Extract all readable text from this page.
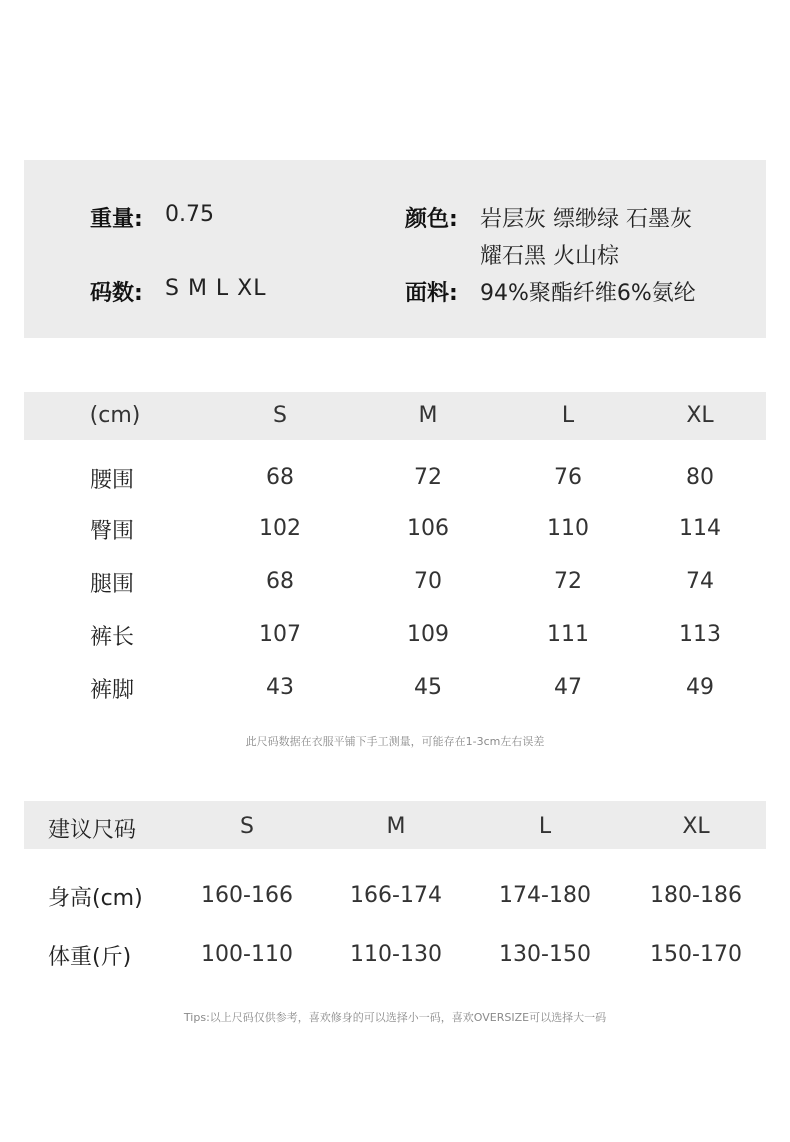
重量: 0.75
码数: S M L XL
颜色: 岩层灰 缥缈绿 石墨灰
耀石黑 火山棕
面料: 94%聚酯纤维6%氨纶
(cm)	S	M	L	XL
腰围	68	72	76	80
臀围	102	106	110	114
腿围	68	70	72	74
裤长	107	109	111	113
裤脚	43	45	47	49
此尺码数据在衣服平铺下手工测量，可能存在1-3cm左右误差
建议尺码	S	M	L	XL
身高(cm)	160-166	166-174	174-180	180-186
体重(斤)	100-110	110-130	130-150	150-170
Tips:以上尺码仅供参考，喜欢修身的可以选择小一码，喜欢OVERSIZE可以选择大一码
